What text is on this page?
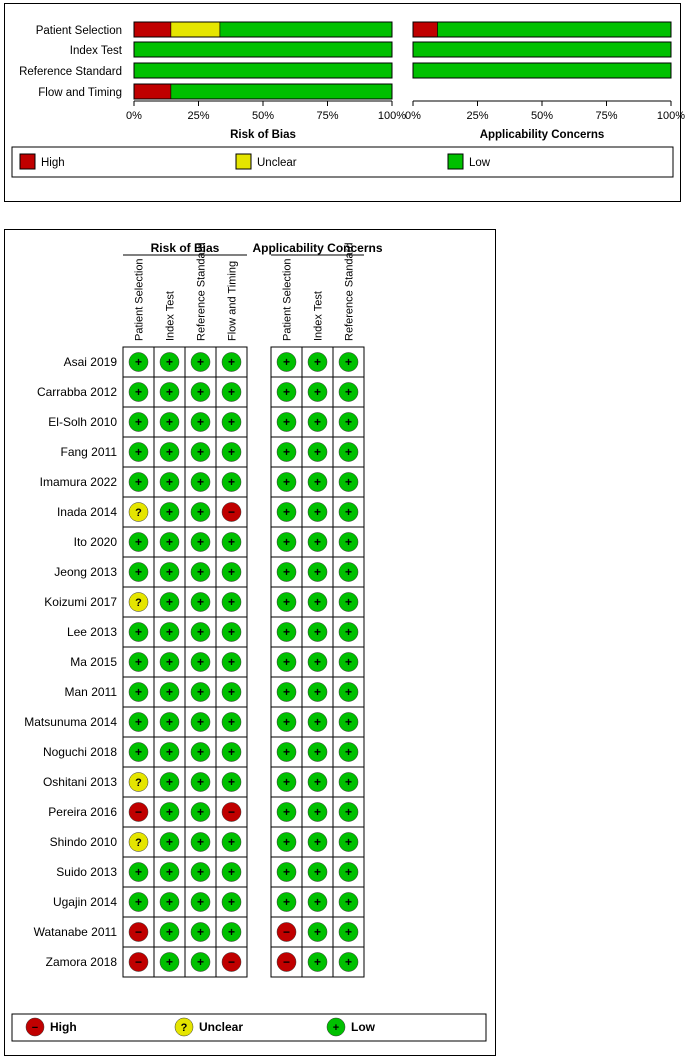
Patient Selection
Index Test
Reference Standard
Flow and Timing
0%	25%	50%	75%	100%
Risk of Bias
0%	25%	50%	75%	100%
Applicability Concerns
High	Unclear	Low
Risk of Bias
Patient Selection Index Test Reference Standard Flow and Timing
Applicability Concerns
Patient Selection Index Test Reference Standard
Asai 2019 + + + +	+ + +
Carrabba 2012 + + + +	+ + +
El-Solh 2010 + + + +	+ + +
Fang 2011 + + + +	+ + +
Imamura 2022 + + + +	+ + +
Inada 2014 ? + + −	+ + +
Ito 2020 + + + +	+ + +
Jeong 2013 + + + +	+ + +
Koizumi 2017 ? + + +	+ + +
Lee 2013 + + + +	+ + +
Ma 2015 + + + +	+ + +
Man 2011 + + + +	+ + +
Matsunuma 2014 + + + +	+ + +
Noguchi 2018 + + + +	+ + +
Oshitani 2013 ? + + +	+ + +
Pereira 2016 − + + −	+ + +
Shindo 2010 ? + + +	+ + +
Suido 2013 + + + +	+ + +
Ugajin 2014 + + + +	+ + +
Watanabe 2011 − + + +	− + +
Zamora 2018 − + + −	− + +
− High	? Unclear	+ Low
